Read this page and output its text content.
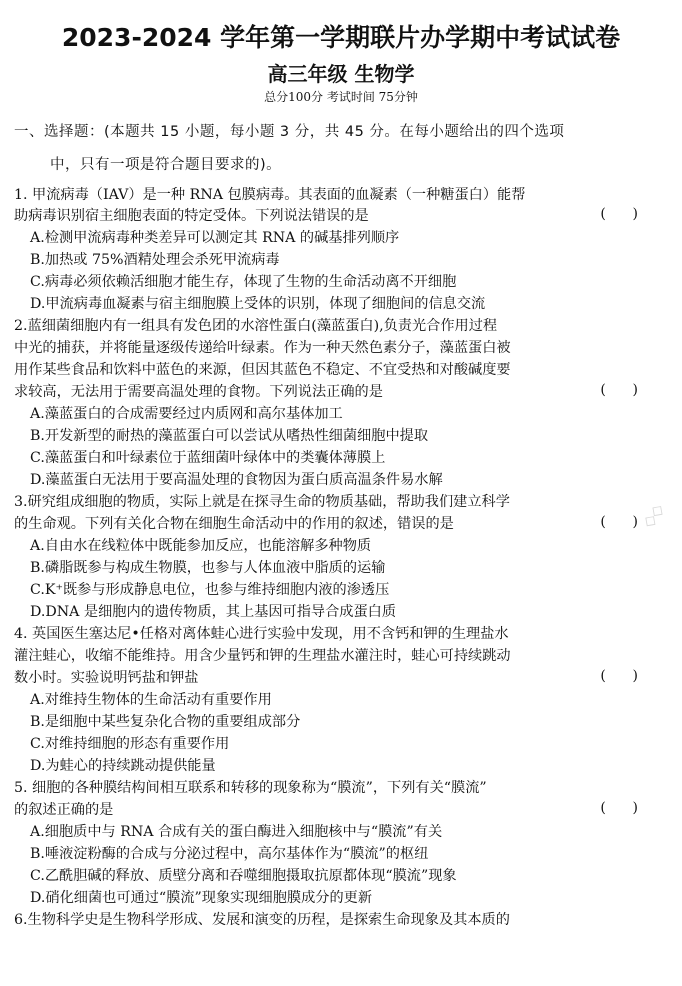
2023-2024 学年第一学期联片办学期中考试试卷
高三年级 生物学
总分100分 考试时间 75分钟
一、选择题：(本题共 15 小题，每小题 3 分，共 45 分。在每小题给出的四个选项
中，只有一项是符合题目要求的)。
1. 甲流病毒（IAV）是一种 RNA 包膜病毒。其表面的血凝素（一种糖蛋白）能帮
助病毒识别宿主细胞表面的特定受体。下列说法错误的是	(      )
A.检测甲流病毒种类差异可以测定其 RNA 的碱基排列顺序
B.加热或 75%酒精处理会杀死甲流病毒
C.病毒必须依赖活细胞才能生存，体现了生物的生命活动离不开细胞
D.甲流病毒血凝素与宿主细胞膜上受体的识别，体现了细胞间的信息交流
2.蓝细菌细胞内有一组具有发色团的水溶性蛋白(藻蓝蛋白),负责光合作用过程
中光的捕获，并将能量逐级传递给叶绿素。作为一种天然色素分子，藻蓝蛋白被
用作某些食品和饮料中蓝色的来源，但因其蓝色不稳定、不宜受热和对酸碱度要
求较高，无法用于需要高温处理的食物。下列说法正确的是	(      )
A.藻蓝蛋白的合成需要经过内质网和高尔基体加工
B.开发新型的耐热的藻蓝蛋白可以尝试从嗜热性细菌细胞中提取
C.藻蓝蛋白和叶绿素位于蓝细菌叶绿体中的类囊体薄膜上
D.藻蓝蛋白无法用于要高温处理的食物因为蛋白质高温条件易水解
3.研究组成细胞的物质，实际上就是在探寻生命的物质基础，帮助我们建立科学
的生命观。下列有关化合物在细胞生命活动中的作用的叙述，错误的是	(      )
A.自由水在线粒体中既能参加反应，也能溶解多种物质
B.磷脂既参与构成生物膜，也参与人体血液中脂质的运输
C.K⁺既参与形成静息电位，也参与维持细胞内液的渗透压
D.DNA 是细胞内的遗传物质，其上基因可指导合成蛋白质
4. 英国医生塞达尼•任格对离体蛙心进行实验中发现，用不含钙和钾的生理盐水
灌注蛙心，收缩不能维持。用含少量钙和钾的生理盐水灌注时，蛙心可持续跳动
数小时。实验说明钙盐和钾盐	(      )
A.对维持生物体的生命活动有重要作用
B.是细胞中某些复杂化合物的重要组成部分
C.对维持细胞的形态有重要作用
D.为蛙心的持续跳动提供能量
5. 细胞的各种膜结构间相互联系和转移的现象称为“膜流”，下列有关“膜流”
的叙述正确的是	(      )
A.细胞质中与 RNA 合成有关的蛋白酶进入细胞核中与“膜流”有关
B.唾液淀粉酶的合成与分泌过程中，高尔基体作为“膜流”的枢纽
C.乙酰胆碱的释放、质壁分离和吞噬细胞摄取抗原都体现“膜流”现象
D.硝化细菌也可通过“膜流”现象实现细胞膜成分的更新
6.生物科学史是生物科学形成、发展和演变的历程，是探索生命现象及其本质的
◇◇
